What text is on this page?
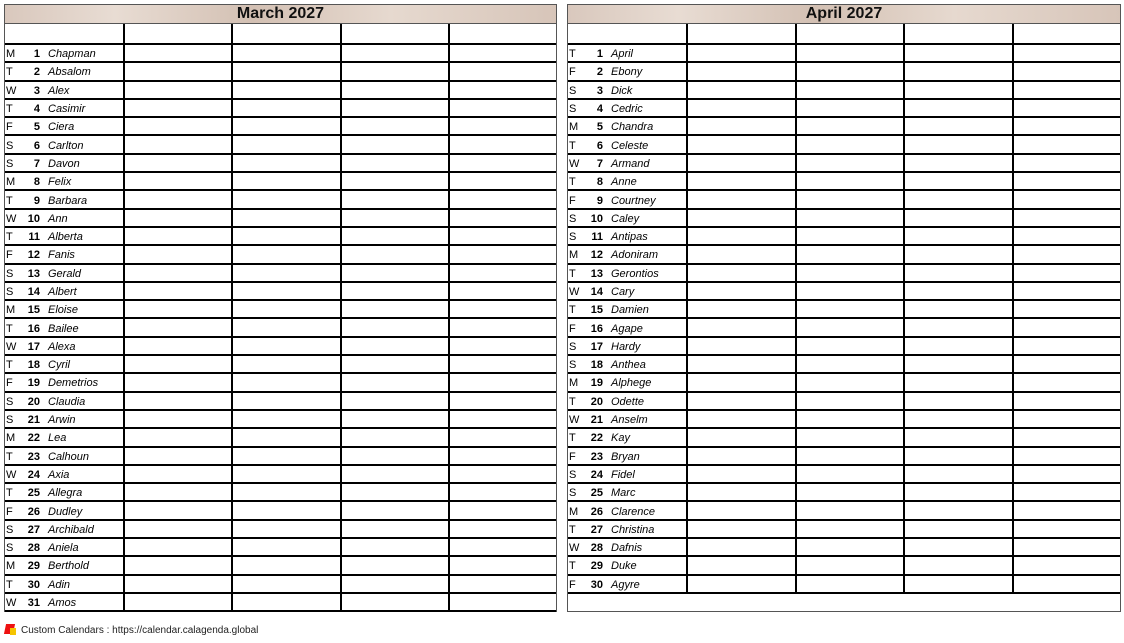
March 2027
M	1 Chapman
T	2 Absalom
W	3 Alex
T	4 Casimir
F	5 Ciera
S	6 Carlton
S	7 Davon
M	8 Felix
T	9 Barbara
W	10 Ann
T	11 Alberta
F	12 Fanis
S	13 Gerald
S	14 Albert
M	15 Eloise
T	16 Bailee
W	17 Alexa
T	18 Cyril
F	19 Demetrios
S	20 Claudia
S	21 Arwin
M	22 Lea
T	23 Calhoun
W	24 Axia
T	25 Allegra
F	26 Dudley
S	27 Archibald
S	28 Aniela
M	29 Berthold
T	30 Adin
W	31 Amos
April 2027
T	1 April
F	2 Ebony
S	3 Dick
S	4 Cedric
M	5 Chandra
T	6 Celeste
W	7 Armand
T	8 Anne
F	9 Courtney
S	10 Caley
S	11 Antipas
M	12 Adoniram
T	13 Gerontios
W	14 Cary
T	15 Damien
F	16 Agape
S	17 Hardy
S	18 Anthea
M	19 Alphege
T	20 Odette
W	21 Anselm
T	22 Kay
F	23 Bryan
S	24 Fidel
S	25 Marc
M	26 Clarence
T	27 Christina
W	28 Dafnis
T	29 Duke
F	30 Agyre
Custom Calendars : https://calendar.calagenda.global
